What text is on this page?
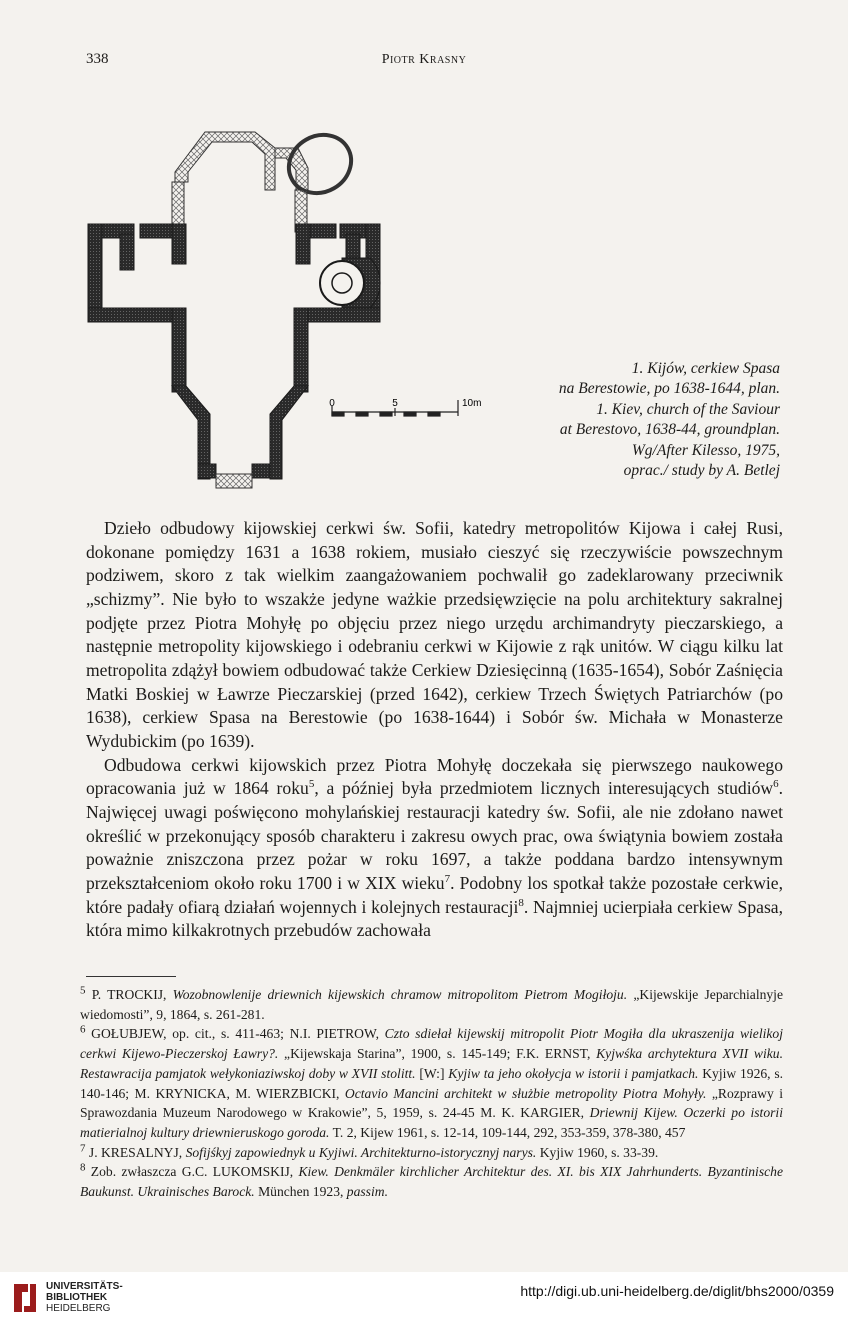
338	Piotr Krasny
0	5	10m
1. Kijów, cerkiew Spasa
na Berestowie, po 1638-1644, plan.
1. Kiev, church of the Saviour
at Berestovo, 1638-44, groundplan.
Wg/After Kilesso, 1975,
oprac./ study by A. Betlej

Dzieło odbudowy kijowskiej cerkwi św. Sofii, katedry metropolitów Kijowa i całej Rusi, dokonane pomiędzy 1631 a 1638 rokiem, musiało cieszyć się rzeczywiście powszechnym podziwem, skoro z tak wielkim zaangażowaniem pochwalił go zadeklarowany przeciwnik „schizmy”. Nie było to wszakże jedyne ważkie przedsięwzięcie na polu architektury sakralnej podjęte przez Piotra Mohyłę po objęciu przez niego urzędu archimandryty pieczarskiego, a następnie metropolity kijowskiego i odebraniu cerkwi w Kijowie z rąk unitów. W ciągu kilku lat metropolita zdążył bowiem odbudować także Cerkiew Dziesięcinną (1635-1654), Sobór Zaśnięcia Matki Boskiej w Ławrze Pieczarskiej (przed 1642), cerkiew Trzech Świętych Patriarchów (po 1638), cerkiew Spasa na Berestowie (po 1638-1644) i Sobór św. Michała w Monasterze Wydubickim (po 1639).

Odbudowa cerkwi kijowskich przez Piotra Mohyłę doczekała się pierwszego naukowego opracowania już w 1864 roku$^5$, a później była przedmiotem licznych interesujących studiów$^6$. Najwięcej uwagi poświęcono mohylańskiej restauracji katedry św. Sofii, ale nie zdołano nawet określić w przekonujący sposób charakteru i zakresu owych prac, owa świątynia bowiem została poważnie zniszczona przez pożar w roku 1697, a także poddana bardzo intensywnym przekształceniom około roku 1700 i w XIX wieku$^7$. Podobny los spotkał także pozostałe cerkwie, które padały ofiarą działań wojennych i kolejnych restauracji$^8$. Najmniej ucierpiała cerkiew Spasa, która mimo kilkakrotnych przebudów zachowała

$^5$ P. TROCKIJ, Wozobnowlenije driewnich kijewskich chramow mitropolitom Pietrom Mogiłoju. „Kijewskije Jeparchialnyje wiedomosti”, 9, 1864, s. 261-281.

$^6$ GOŁUBJEW, op. cit., s. 411-463; N.I. PIETROW, Czto sdiełał kijewskij mitropolit Piotr Mogiła dla ukraszenija wielikoj cerkwi Kijewo-Pieczerskoj Ławry?. „Kijewskaja Starina”, 1900, s. 145-149; F.K. ERNST, Kyjwśka archytektura XVII wiku. Restawracija pamjatok wełykoniaziwskoj doby w XVII stolitt. [W:] Kyjiw ta jeho okołycja w istorii i pamjatkach. Kyjiw 1926, s. 140-146; M. KRYNICKA, M. WIERZBICKI, Octavio Mancini architekt w służbie metropolity Piotra Mohyły. „Rozprawy i Sprawozdania Muzeum Narodowego w Krakowie”, 5, 1959, s. 24-45 M. K. KARGIER, Driewnij Kijew. Oczerki po istorii matierialnoj kultury driewnieruskogo goroda. T. 2, Kijew 1961, s. 12-14, 109-144, 292, 353-359, 378-380, 457

$^7$ J. KRESALNYJ, Sofijśkyj zapowiednyk u Kyjiwi. Architekturno-istorycznyj narys. Kyjiw 1960, s. 33-39.

$^8$ Zob. zwłaszcza G.C. LUKOMSKIJ, Kiew. Denkmäler kirchlicher Architektur des. XI. bis XIX Jahrhunderts. Byzantinische Baukunst. Ukrainisches Barock. München 1923, passim.

UNIVERSITÄTS-
BIBLIOTHEK
HEIDELBERG
http://digi.ub.uni-heidelberg.de/diglit/bhs2000/0359
